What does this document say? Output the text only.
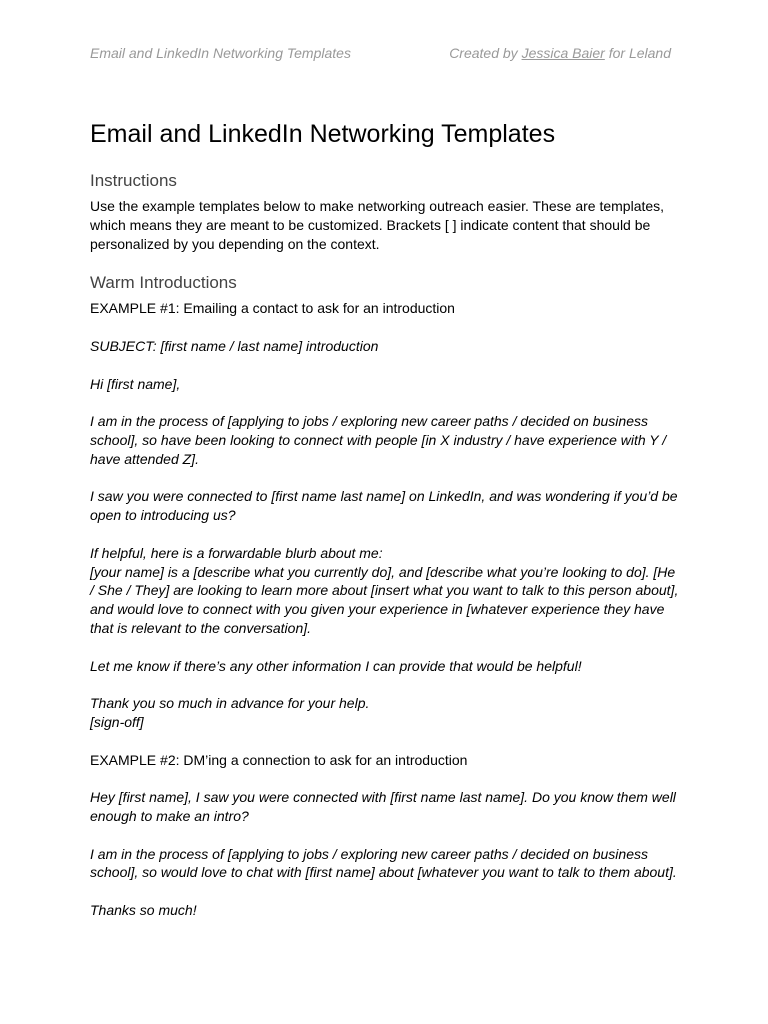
Email and LinkedIn Networking Templates	Created by Jessica Baier for Leland
Email and LinkedIn Networking Templates
Instructions

Use the example templates below to make networking outreach easier. These are templates, which means they are meant to be customized. Brackets [ ] indicate content that should be personalized by you depending on the context.

Warm Introductions

EXAMPLE #1: Emailing a contact to ask for an introduction

SUBJECT: [first name / last name] introduction

Hi [first name],

I am in the process of [applying to jobs / exploring new career paths / decided on business school], so have been looking to connect with people [in X industry / have experience with Y / have attended Z].

I saw you were connected to [first name last name] on LinkedIn, and was wondering if you’d be open to introducing us?

If helpful, here is a forwardable blurb about me:

[your name] is a [describe what you currently do], and [describe what you’re looking to do]. [He / She / They] are looking to learn more about [insert what you want to talk to this person about], and would love to connect with you given your experience in [whatever experience they have that is relevant to the conversation].

Let me know if there’s any other information I can provide that would be helpful!

Thank you so much in advance for your help.

[sign-off]

EXAMPLE #2: DM’ing a connection to ask for an introduction

Hey [first name], I saw you were connected with [first name last name]. Do you know them well enough to make an intro?

I am in the process of [applying to jobs / exploring new career paths / decided on business school], so would love to chat with [first name] about [whatever you want to talk to them about].

Thanks so much!
